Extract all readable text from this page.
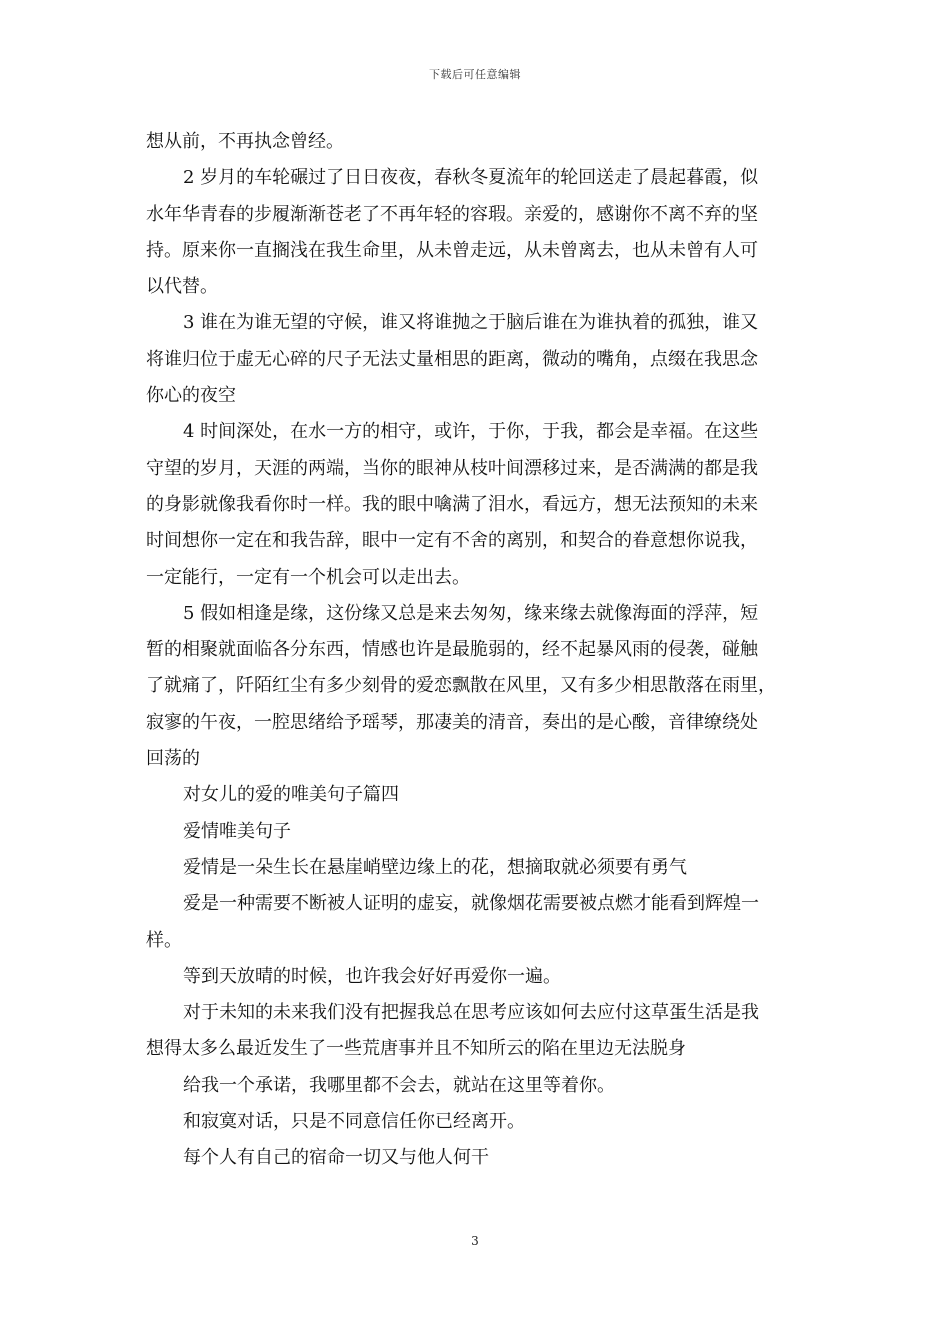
下载后可任意编辑

想从前，不再执念曾经。

2 岁月的车轮碾过了日日夜夜，春秋冬夏流年的轮回送走了晨起暮霞，似
水年华青春的步履渐渐苍老了不再年轻的容瑕。亲爱的，感谢你不离不弃的坚
持。原来你一直搁浅在我生命里，从未曾走远，从未曾离去，也从未曾有人可
以代替。

3 谁在为谁无望的守候，谁又将谁抛之于脑后谁在为谁执着的孤独，谁又
将谁归位于虚无心碎的尺子无法丈量相思的距离，微动的嘴角，点缀在我思念
你心的夜空

4 时间深处，在水一方的相守，或许，于你，于我，都会是幸福。在这些
守望的岁月，天涯的两端，当你的眼神从枝叶间漂移过来，是否满满的都是我
的身影就像我看你时一样。我的眼中噙满了泪水，看远方，想无法预知的未来
时间想你一定在和我告辞，眼中一定有不舍的离别，和契合的眷意想你说我，
一定能行，一定有一个机会可以走出去。

5 假如相逢是缘，这份缘又总是来去匆匆，缘来缘去就像海面的浮萍，短
暂的相聚就面临各分东西，情感也许是最脆弱的，经不起暴风雨的侵袭，碰触
了就痛了，阡陌红尘有多少刻骨的爱恋飘散在风里，又有多少相思散落在雨里，
寂寥的午夜，一腔思绪给予瑶琴，那凄美的清音，奏出的是心酸，音律缭绕处
回荡的

对女儿的爱的唯美句子篇四

爱情唯美句子

爱情是一朵生长在悬崖峭壁边缘上的花，想摘取就必须要有勇气

爱是一种需要不断被人证明的虚妄，就像烟花需要被点燃才能看到辉煌一
样。

等到天放晴的时候，也许我会好好再爱你一遍。

对于未知的未来我们没有把握我总在思考应该如何去应付这草蛋生活是我
想得太多么最近发生了一些荒唐事并且不知所云的陷在里边无法脱身

给我一个承诺，我哪里都不会去，就站在这里等着你。

和寂寞对话，只是不同意信任你已经离开。

每个人有自己的宿命一切又与他人何干

3
